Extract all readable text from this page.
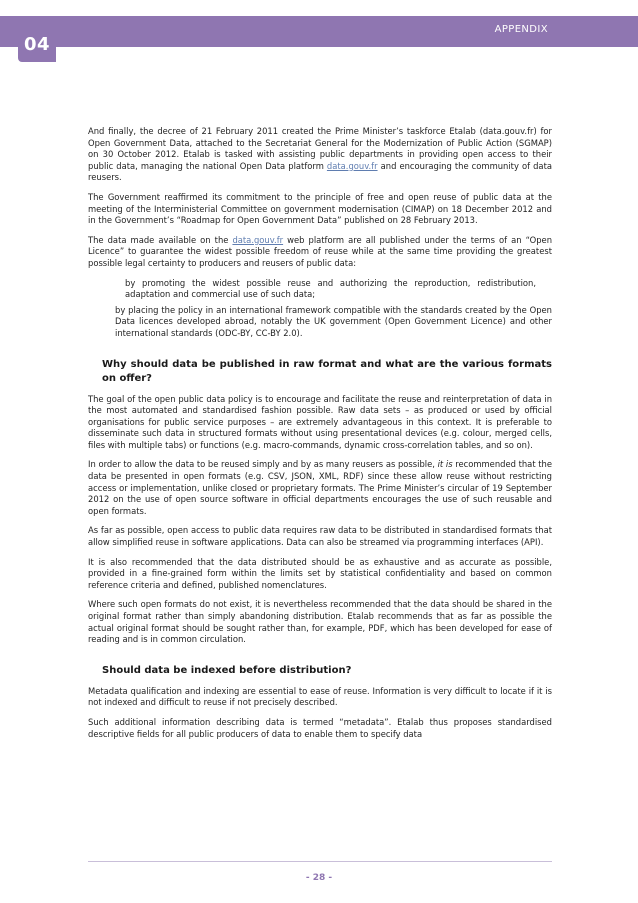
04
APPENDIX

And finally, the decree of 21 February 2011 created the Prime Minister’s taskforce Etalab (data.gouv.fr) for Open Government Data, attached to the Secretariat General for the Modernization of Public Action (SGMAP) on 30 October 2012. Etalab is tasked with assisting public departments in providing open access to their public data, managing the national Open Data platform data.gouv.fr and encouraging the community of data reusers.

The Government reaffirmed its commitment to the principle of free and open reuse of public data at the meeting of the Interministerial Committee on government modernisation (CIMAP) on 18 December 2012 and in the Government’s “Roadmap for Open Government Data” published on 28 February 2013.

The data made available on the data.gouv.fr web platform are all published under the terms of an “Open Licence” to guarantee the widest possible freedom of reuse while at the same time providing the greatest possible legal certainty to producers and reusers of public data:

by promoting the widest possible reuse and authorizing the reproduction, redistribution, adaptation and commercial use of such data;

by placing the policy in an international framework compatible with the standards created by the Open Data licences developed abroad, notably the UK government (Open Government Licence) and other international standards (ODC-BY, CC-BY 2.0).

Why should data be published in raw format and what are the various formats on offer?

The goal of the open public data policy is to encourage and facilitate the reuse and reinterpretation of data in the most automated and standardised fashion possible. Raw data sets – as produced or used by official organisations for public service purposes – are extremely advantageous in this context. It is preferable to disseminate such data in structured formats without using presentational devices (e.g. colour, merged cells, files with multiple tabs) or functions (e.g. macro-commands, dynamic cross-correlation tables, and so on).

In order to allow the data to be reused simply and by as many reusers as possible, it is recommended that the data be presented in open formats (e.g. CSV, JSON, XML, RDF) since these allow reuse without restricting access or implementation, unlike closed or proprietary formats. The Prime Minister’s circular of 19 September 2012 on the use of open source software in official departments encourages the use of such reusable and open formats.

As far as possible, open access to public data requires raw data to be distributed in standardised formats that allow simplified reuse in software applications. Data can also be streamed via programming interfaces (API).

It is also recommended that the data distributed should be as exhaustive and as accurate as possible, provided in a fine-grained form within the limits set by statistical confidentiality and based on common reference criteria and defined, published nomenclatures.

Where such open formats do not exist, it is nevertheless recommended that the data should be shared in the original format rather than simply abandoning distribution. Etalab recommends that as far as possible the actual original format should be sought rather than, for example, PDF, which has been developed for ease of reading and is in common circulation.

Should data be indexed before distribution?

Metadata qualification and indexing are essential to ease of reuse. Information is very difficult to locate if it is not indexed and difficult to reuse if not precisely described.

Such additional information describing data is termed “metadata”. Etalab thus proposes standardised descriptive fields for all public producers of data to enable them to specify data

- 28 -
